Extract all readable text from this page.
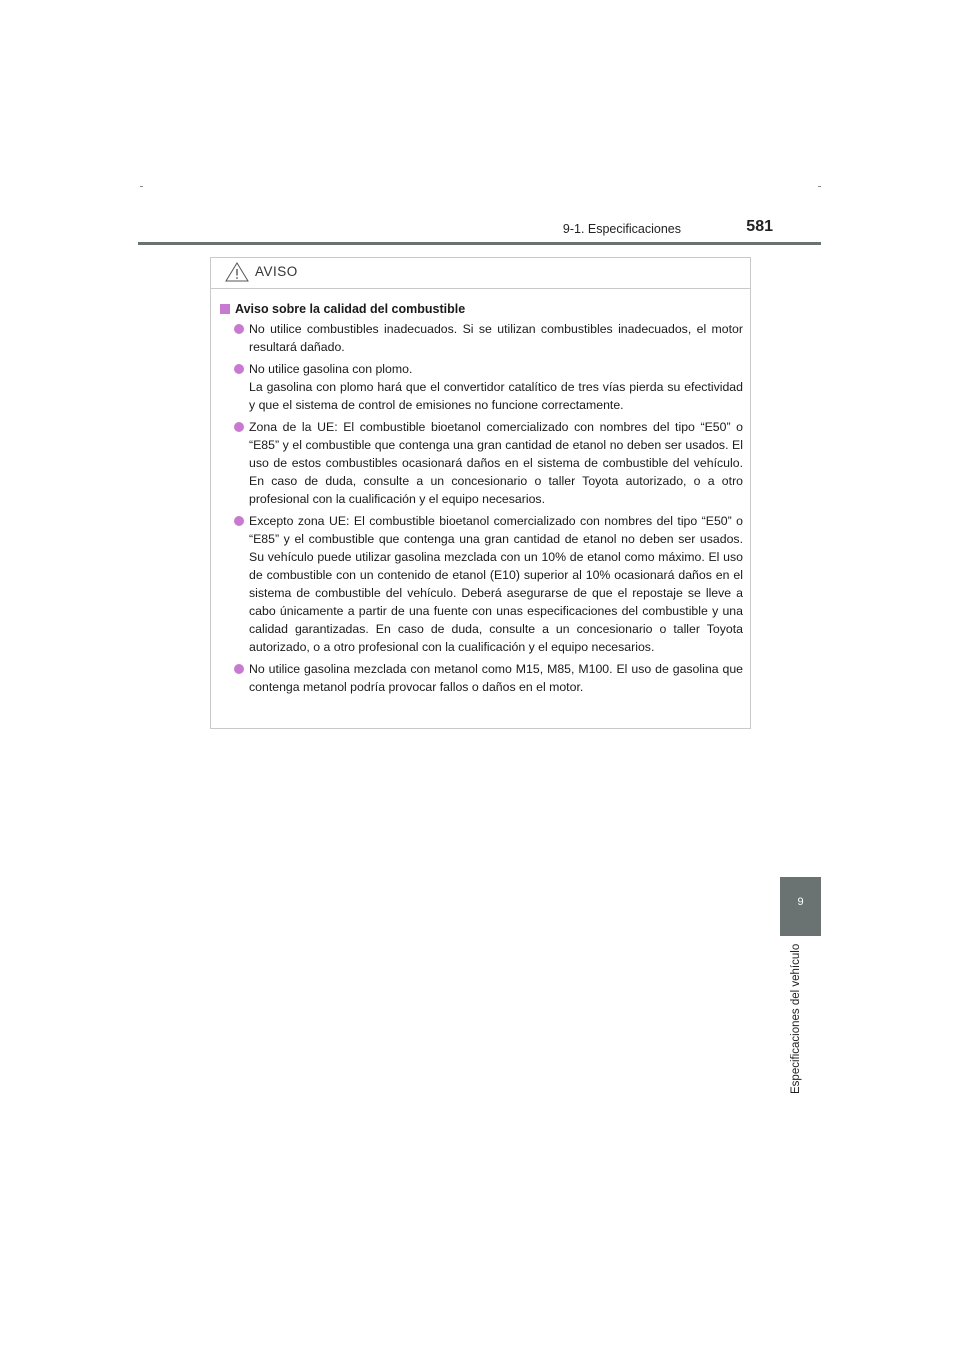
9-1. Especificaciones	581
9
Especificaciones del vehículo
AVISO
Aviso sobre la calidad del combustible

No utilice combustibles inadecuados. Si se utilizan combustibles inadecuados, el motor resultará dañado.

No utilice gasolina con plomo.

La gasolina con plomo hará que el convertidor catalítico de tres vías pierda su efectividad y que el sistema de control de emisiones no funcione correctamente.

Zona de la UE: El combustible bioetanol comercializado con nombres del tipo “E50” o “E85” y el combustible que contenga una gran cantidad de etanol no deben ser usados. El uso de estos combustibles ocasionará daños en el sistema de combustible del vehículo. En caso de duda, consulte a un concesionario o taller Toyota autorizado, o a otro profesional con la cualificación y el equipo necesarios.

Excepto zona UE: El combustible bioetanol comercializado con nombres del tipo “E50” o “E85” y el combustible que contenga una gran cantidad de etanol no deben ser usados. Su vehículo puede utilizar gasolina mezclada con un 10% de etanol como máximo. El uso de combustible con un contenido de etanol (E10) superior al 10% ocasionará daños en el sistema de combustible del vehículo. Deberá asegurarse de que el repostaje se lleve a cabo únicamente a partir de una fuente con unas especificaciones del combustible y una calidad garantizadas. En caso de duda, consulte a un concesionario o taller Toyota autorizado, o a otro profesional con la cualificación y el equipo necesarios.

No utilice gasolina mezclada con metanol como M15, M85, M100. El uso de gasolina que contenga metanol podría provocar fallos o daños en el motor.
